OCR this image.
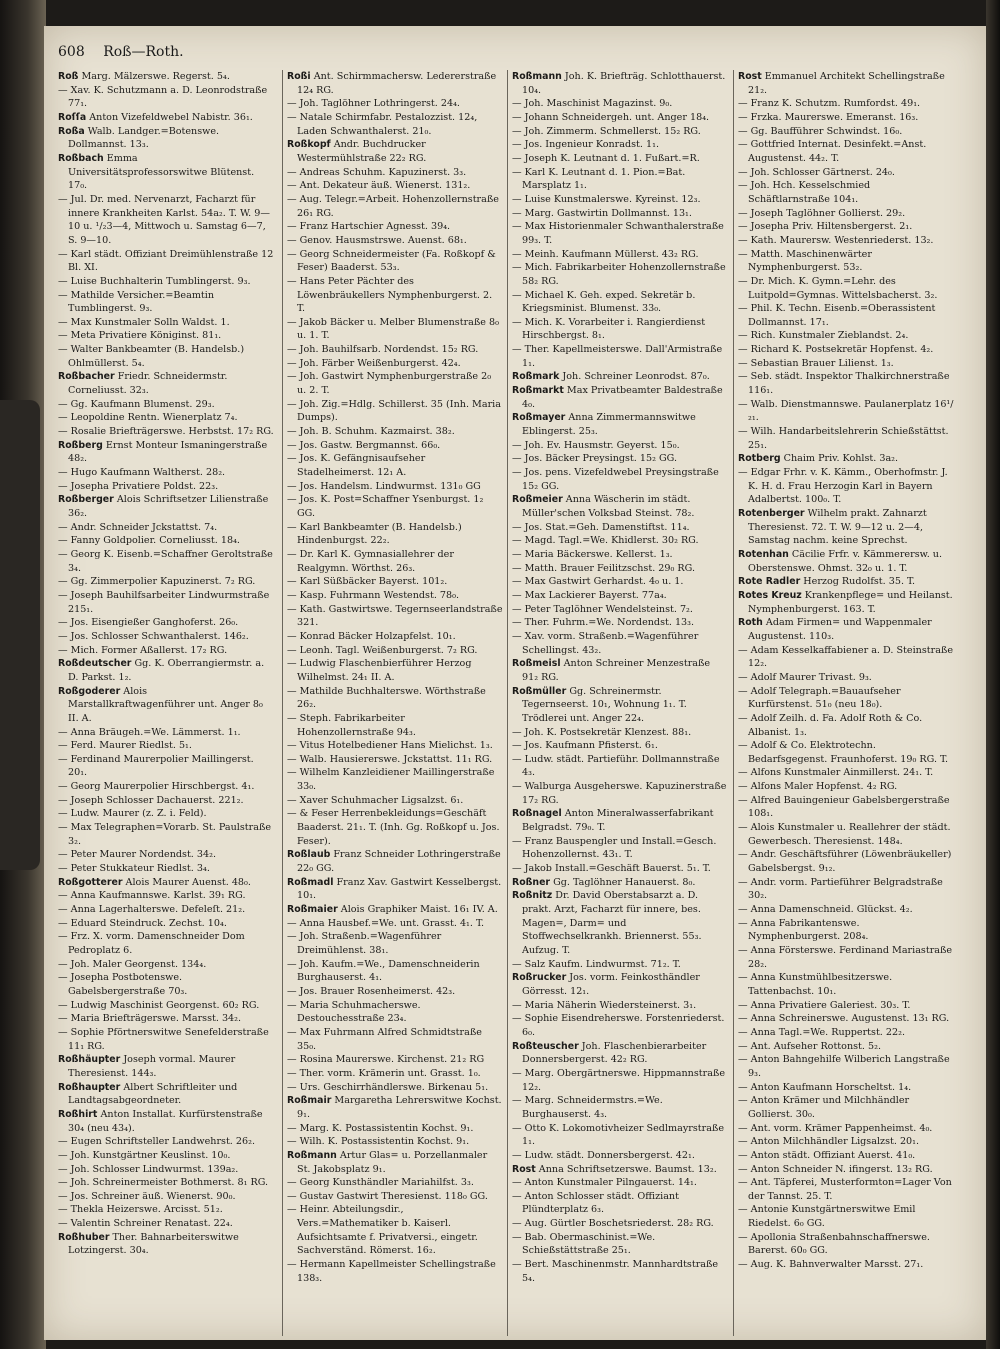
608 Roß—Roth.
Roß Marg. Mälzerswe. Regerst. 5₄.
— Xav. K. Schutzmann a. D. Leonrodstraße 77₁.
Roſſa Anton Vizefeldwebel Nabistr. 36₁.
Roßa Walb. Landger.=Botenswe. Dollmannst. 13₃.
Roßbach Emma Universitätsprofessorswitwe Blütenst. 17₀.
— Jul. Dr. med. Nervenarzt, Facharzt für innere Krankheiten Karlst. 54a₂. T. W. 9—10 u. ¹/₂3—4, Mittwoch u. Samstag 6—7, S. 9—10.
— Karl städt. Offiziant Dreimühlenstraße 12 Bl. XI.
— Luise Buchhalterin Tumblingerst. 9₃.
— Mathilde Versicher.=Beamtin Tumblingerst. 9₃.
— Max Kunstmaler Solln Waldst. 1.
— Meta Privatiere Königinst. 81₁.
— Walter Bankbeamter (B. Handelsb.) Ohlmüllerst. 5₄.
Roßbacher Friedr. Schneidermstr. Corneliusst. 32₃.
— Gg. Kaufmann Blumenst. 29₃.
— Leopoldine Rentn. Wienerplatz 7₄.
— Rosalie Briefträgerswe. Herbstst. 17₂ RG.
Roßberg Ernst Monteur Ismaningerstraße 48₂.
— Hugo Kaufmann Waltherst. 28₂.
— Josepha Privatiere Poldst. 22₃.
Roßberger Alois Schriftsetzer Lilienstraße 36₂.
— Andr. Schneider Jckstattst. 7₄.
— Fanny Goldpolier. Corneliusst. 18₄.
— Georg K. Eisenb.=Schaffner Geroltstraße 3₄.
— Gg. Zimmerpolier Kapuzinerst. 7₂ RG.
— Joseph Bauhilfsarbeiter Lindwurmstraße 215₁.
— Jos. Eisengießer Ganghoferst. 26₀.
— Jos. Schlosser Schwanthalerst. 146₂.
— Mich. Former Aßallerst. 17₂ RG.
Roßdeutscher Gg. K. Oberrangiermstr. a. D. Parkst. 1₂.
Roßgoderer Alois Marstallkraftwagenführer unt. Anger 8₀ II. A.
— Anna Bräugeh.=We. Lämmerst. 1₁.
— Ferd. Maurer Riedlst. 5₁.
— Ferdinand Maurerpolier Maillingerst. 20₁.
— Georg Maurerpolier Hirschbergst. 4₁.
— Joseph Schlosser Dachauerst. 221₂.
— Ludw. Maurer (z. Z. i. Feld).
— Max Telegraphen=Vorarb. St. Paulstraße 3₂.
— Peter Maurer Nordendst. 34₂.
— Peter Stukkateur Riedlst. 3₄.
Roßgotterer Alois Maurer Auenst. 48₀.
— Anna Kaufmannswe. Karlst. 39₁ RG.
— Anna Lagerhalterswe. Defeleſt. 21₂.
— Eduard Steindruck. Zechst. 10₄.
— Frz. X. vorm. Damenschneider Dom Pedroplatz 6.
— Joh. Maler Georgenst. 134₄.
— Josepha Postbotenswe. Gabelsbergerstraße 70₃.
— Ludwig Maschinist Georgenst. 60₂ RG.
— Maria Briefträgerswe. Marsst. 34₂.
— Sophie Pförtnerswitwe Senefelderstraße 11₁ RG.
Roßhäupter Joseph vormal. Maurer Theresienst. 144₃.
Roßhaupter Albert Schriftleiter und Landtagsabgeordneter.
Roßhirt Anton Installat. Kurfürstenstraße 30₄ (neu 43₄).
— Eugen Schriftsteller Landwehrst. 26₂.
— Joh. Kunstgärtner Keuslinst. 10₀.
— Joh. Schlosser Lindwurmst. 139a₂.
— Joh. Schreinermeister Bothmerst. 8₁ RG.
— Jos. Schreiner äuß. Wienerst. 90₀.
— Thekla Heizerswe. Arcisst. 51₂.
— Valentin Schreiner Renatast. 22₄.
Roßhuber Ther. Bahnarbeiterswitwe Lotzingerst. 30₄.
Roßi Ant. Schirmmachersw. Ledererstraße 12₄ RG.
— Joh. Taglöhner Lothringerst. 24₄.
— Natale Schirmfabr. Pestalozzist. 12₄, Laden Schwanthalerst. 21₀.
Roßkopf Andr. Buchdrucker Westermühlstraße 22₂ RG.
— Andreas Schuhm. Kapuzinerst. 3₃.
— Ant. Dekateur äuß. Wienerst. 131₂.
— Aug. Telegr.=Arbeit. Hohenzollernstraße 26₁ RG.
— Franz Hartschier Agnesst. 39₄.
— Genov. Hausmstrswe. Auenst. 68₁.
— Georg Schneidermeister (Fa. Roßkopf & Feser) Baaderst. 53₃.
— Hans Peter Pächter des Löwenbräukellers Nymphenburgerst. 2. T.
— Jakob Bäcker u. Melber Blumenstraße 8₀ u. 1. T.
— Joh. Bauhilfsarb. Nordendst. 15₂ RG.
— Joh. Färber Weißenburgerst. 42₄.
— Joh. Gastwirt Nymphenburgerstraße 2₀ u. 2. T.
— Joh. Zig.=Hdlg. Schillerst. 35 (Inh. Maria Dumps).
— Joh. B. Schuhm. Kazmairst. 38₂.
— Jos. Gastw. Bergmannst. 66₀.
— Jos. K. Gefängnisaufseher Stadelheimerst. 12₁ A.
— Jos. Handelsm. Lindwurmst. 131₀ GG
— Jos. K. Post=Schaffner Ysenburgst. 1₂ GG.
— Karl Bankbeamter (B. Handelsb.) Hindenburgst. 22₂.
— Dr. Karl K. Gymnasiallehrer der Realgymn. Wörthst. 26₃.
— Karl Süßbäcker Bayerst. 101₂.
— Kasp. Fuhrmann Westendst. 78₀.
— Kath. Gastwirtswe. Tegernseerlandstraße 321.
— Konrad Bäcker Holzapfelst. 10₁.
— Leonh. Tagl. Weißenburgerst. 7₂ RG.
— Ludwig Flaschenbierführer Herzog Wilhelmst. 24₁ II. A.
— Mathilde Buchhalterswe. Wörthstraße 26₂.
— Steph. Fabrikarbeiter Hohenzollernstraße 94₃.
— Vitus Hotelbediener Hans Mielichst. 1₃.
— Walb. Hausiererswe. Jckstattst. 11₁ RG.
— Wilhelm Kanzleidiener Maillingerstraße 33₀.
— Xaver Schuhmacher Ligsalzst. 6₁.
— & Feser Herrenbekleidungs=Geschäft Baaderst. 21₁. T. (Inh. Gg. Roßkopf u. Jos. Feser).
Roßlaub Franz Schneider Lothringerstraße 22₀ GG.
Roßmadl Franz Xav. Gastwirt Kesselbergst. 10₁.
Roßmaier Alois Graphiker Maist. 16₁ IV. A.
— Anna Hausbef.=We. unt. Grasst. 4₁. T.
— Joh. Straßenb.=Wagenführer Dreimühlenst. 38₁.
— Joh. Kaufm.=We., Damenschneiderin Burghauserst. 4₁.
— Jos. Brauer Rosenheimerst. 42₃.
— Maria Schuhmacherswe. Destouchesstraße 23₄.
— Max Fuhrmann Alfred Schmidtstraße 35₀.
— Rosina Maurerswe. Kirchenst. 21₂ RG
— Ther. vorm. Krämerin unt. Grasst. 1₀.
— Urs. Geschirrhändlerswe. Birkenau 5₁.
Roßmair Margaretha Lehrerswitwe Kochst. 9₁.
— Marg. K. Postassistentin Kochst. 9₁.
— Wilh. K. Postassistentin Kochst. 9₁.
Roßmann Artur Glas= u. Porzellanmaler St. Jakobsplatz 9₁.
— Georg Kunsthändler Mariahilfst. 3₃.
— Gustav Gastwirt Theresienst. 118₀ GG.
— Heinr. Abteilungsdir., Vers.=Mathematiker b. Kaiserl. Aufsichtsamte f. Privatversi., eingetr. Sachverständ. Römerst. 16₂.
— Hermann Kapellmeister Schellingstraße 138₃.
Roßmann Joh. K. Briefträg. Schlotthauerst. 10₄.
— Joh. Maschinist Magazinst. 9₀.
— Johann Schneidergeh. unt. Anger 18₄.
— Joh. Zimmerm. Schmellerst. 15₂ RG.
— Jos. Ingenieur Konradst. 1₁.
— Joseph K. Leutnant d. 1. Fußart.=R.
— Karl K. Leutnant d. 1. Pion.=Bat. Marsplatz 1₁.
— Luise Kunstmalerswe. Kyreinst. 12₃.
— Marg. Gastwirtin Dollmannst. 13₁.
— Max Historienmaler Schwanthalerstraße 99₃. T.
— Meinh. Kaufmann Müllerst. 43₂ RG.
— Mich. Fabrikarbeiter Hohenzollernstraße 58₂ RG.
— Michael K. Geh. exped. Sekretär b. Kriegsminist. Blumenst. 33₀.
— Mich. K. Vorarbeiter i. Rangierdienst Hirschbergst. 8₁.
— Ther. Kapellmeisterswe. Dall'Armistraße 1₁.
Roßmark Joh. Schreiner Leonrodst. 87₀.
Roßmarkt Max Privatbeamter Baldestraße 4₀.
Roßmayer Anna Zimmermannswitwe Eblingerst. 25₃.
— Joh. Ev. Hausmstr. Geyerst. 15₀.
— Jos. Bäcker Preysingst. 15₂ GG.
— Jos. pens. Vizefeldwebel Preysingstraße 15₂ GG.
Roßmeier Anna Wäscherin im städt. Müller'schen Volksbad Steinst. 78₂.
— Jos. Stat.=Geh. Damenstiftst. 11₄.
— Magd. Tagl.=We. Khidlerst. 30₂ RG.
— Maria Bäckerswe. Kellerst. 1₃.
— Matth. Brauer Feilitzschst. 29₀ RG.
— Max Gastwirt Gerhardst. 4₀ u. 1.
— Max Lackierer Bayerst. 77a₄.
— Peter Taglöhner Wendelsteinst. 7₂.
— Ther. Fuhrm.=We. Nordendst. 13₃.
— Xav. vorm. Straßenb.=Wagenführer Schellingst. 43₂.
Roßmeisl Anton Schreiner Menzestraße 91₂ RG.
Roßmüller Gg. Schreinermstr. Tegernseerst. 10₁, Wohnung 1₁. T. Trödlerei unt. Anger 22₄.
— Joh. K. Postsekretär Klenzest. 88₁.
— Jos. Kaufmann Pfisterst. 6₁.
— Ludw. städt. Partieführ. Dollmannstraße 4₃.
— Walburga Ausgeherswe. Kapuzinerstraße 17₂ RG.
Roßnagel Anton Mineralwasserfabrikant Belgradst. 79₀. T.
— Franz Bauspengler und Install.=Gesch. Hohenzollernst. 43₁. T.
— Jakob Install.=Geschäft Bauerst. 5₁. T.
Roßner Gg. Taglöhner Hanauerst. 8₀.
Roßnitz Dr. David Oberstabsarzt a. D. prakt. Arzt, Facharzt für innere, bes. Magen=, Darm= und Stoffwechselkrankh. Briennerst. 55₃. Aufzug. T.
— Salz Kaufm. Lindwurmst. 71₂. T.
Roßrucker Jos. vorm. Feinkosthändler Görresst. 12₁.
— Maria Näherin Wiedersteinerst. 3₁.
— Sophie Eisendreherswe. Forstenriederst. 6₀.
Roßteuscher Joh. Flaschenbierarbeiter Donnersbergerst. 42₂ RG.
— Marg. Obergärtnerswe. Hippmannstraße 12₂.
— Marg. Schneidermstrs.=We. Burghauserst. 4₃.
— Otto K. Lokomotivheizer Sedlmayrstraße 1₁.
— Ludw. städt. Donnersbergerst. 42₁.
Rost Anna Schriftsetzerswe. Baumst. 13₂.
— Anton Kunstmaler Pilngauerst. 14₁.
— Anton Schlosser städt. Offiziant Plündterplatz 6₃.
— Aug. Gürtler Boschetsriederst. 28₂ RG.
— Bab. Obermaschinist.=We. Schießstättstraße 25₁.
— Bert. Maschinenmstr. Mannhardtstraße 5₄.
Rost Emmanuel Architekt Schellingstraße 21₂.
— Franz K. Schutzm. Rumfordst. 49₁.
— Frzka. Maurerswe. Emeranst. 16₃.
— Gg. Baufführer Schwindst. 16₀.
— Gottfried Internat. Desinfekt.=Anst. Augustenst. 44₂. T.
— Joh. Schlosser Gärtnerst. 24₀.
— Joh. Hch. Kesselschmied Schäftlarnstraße 104₁.
— Joseph Taglöhner Gollierst. 29₂.
— Josepha Priv. Hiltensbergerst. 2₁.
— Kath. Maurersw. Westenriederst. 13₂.
— Matth. Maschinenwärter Nymphenburgerst. 53₂.
— Dr. Mich. K. Gymn.=Lehr. des Luitpold=Gymnas. Wittelsbacherst. 3₂.
— Phil. K. Techn. Eisenb.=Oberassistent Dollmannst. 17₁.
— Rich. Kunstmaler Zieblandst. 2₄.
— Richard K. Postsekretär Hopfenst. 4₂.
— Sebastian Brauer Lilienst. 1₃.
— Seb. städt. Inspektor Thalkirchnerstraße 116₁.
— Walb. Dienstmannswe. Paulanerplatz 16¹/₂₁.
— Wilh. Handarbeitslehrerin Schießstättst. 25₁.
Rotberg Chaim Priv. Kohlst. 3a₂.
— Edgar Frhr. v. K. Kämm., Oberhofmstr. J. K. H. d. Frau Herzogin Karl in Bayern Adalbertst. 100₀. T.
Rotenberger Wilhelm prakt. Zahnarzt Theresienst. 72. T. W. 9—12 u. 2—4, Samstag nachm. keine Sprechst.
Rotenhan Cäcilie Frfr. v. Kämmerersw. u. Oberstenswe. Ohmst. 32₀ u. 1. T.
Rote Radler Herzog Rudolfst. 35. T.
Rotes Kreuz Krankenpflege= und Heilanst. Nymphenburgerst. 163. T.
Roth Adam Firmen= und Wappenmaler Augustenst. 110₃.
— Adam Kesselkaffabiener a. D. Steinstraße 12₂.
— Adolf Maurer Trivast. 9₃.
— Adolf Telegraph.=Bauaufseher Kurfürstenst. 51₀ (neu 18₀).
— Adolf Zeilh. d. Fa. Adolf Roth & Co. Albanist. 1₃.
— Adolf & Co. Elektrotechn. Bedarfsgegenst. Fraunhoferst. 19₀ RG. T.
— Alfons Kunstmaler Ainmillerst. 24₁. T.
— Alfons Maler Hopfenst. 4₂ RG.
— Alfred Bauingenieur Gabelsbergerstraße 108₁.
— Alois Kunstmaler u. Reallehrer der städt. Gewerbesch. Theresienst. 148₄.
— Andr. Geschäftsführer (Löwenbräukeller) Gabelsbergst. 9₁₂.
— Andr. vorm. Partieführer Belgradstraße 30₂.
— Anna Damenschneid. Glückst. 4₂.
— Anna Fabrikantenswe. Nymphenburgerst. 208₄.
— Anna Försterswe. Ferdinand Mariastraße 28₂.
— Anna Kunstmühlbesitzerswe. Tattenbachst. 10₁.
— Anna Privatiere Galeriest. 30₃. T.
— Anna Schreinerswe. Augustenst. 13₁ RG.
— Anna Tagl.=We. Ruppertst. 22₂.
— Ant. Aufseher Rottonst. 5₂.
— Anton Bahngehilfe Wilberich Langstraße 9₃.
— Anton Kaufmann Horscheltst. 1₄.
— Anton Krämer und Milchhändler Gollierst. 30₀.
— Ant. vorm. Krämer Pappenheimst. 4₀.
— Anton Milchhändler Ligsalzst. 20₁.
— Anton städt. Offiziant Auerst. 41₀.
— Anton Schneider N. ifingerst. 13₂ RG.
— Ant. Täpferei, Musterformton=Lager Von der Tannst. 25. T.
— Antonie Kunstgärtnerswitwe Emil Riedelst. 6₀ GG.
— Apollonia Straßenbahnschaffnerswe. Barerst. 60₀ GG.
— Aug. K. Bahnverwalter Marsst. 27₁.
